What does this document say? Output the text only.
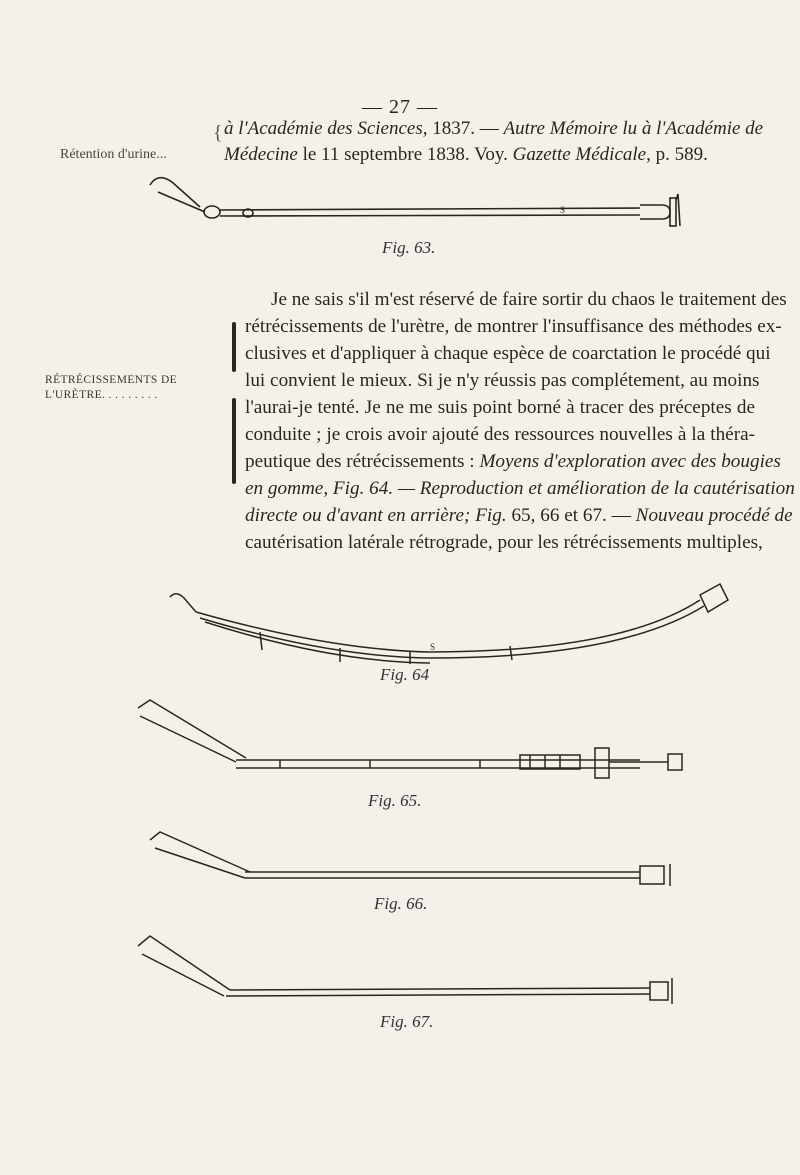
— 27 —
Rétention d'urine...
{ à l'Académie des Sciences, 1837. — Autre Mémoire lu à l'Académie de
Médecine le 11 septembre 1838. Voy. Gazette Médicale, p. 589.
S
Fig. 63.
RÉTRÉCISSEMENTS DE
L'URÈTRE. . . . . . . . .
Je ne sais s'il m'est réservé de faire sortir du chaos le traitement des
rétrécissements de l'urètre, de montrer l'insuffisance des méthodes ex-
clusives et d'appliquer à chaque espèce de coarctation le procédé qui
lui convient le mieux. Si je n'y réussis pas complétement, au moins
l'aurai-je tenté. Je ne me suis point borné à tracer des préceptes de
conduite ; je crois avoir ajouté des ressources nouvelles à la théra-
peutique des rétrécissements : Moyens d'exploration avec des bougies
en gomme, Fig. 64. — Reproduction et amélioration de la cautérisation
directe ou d'avant en arrière; Fig. 65, 66 et 67. — Nouveau procédé de
cautérisation latérale rétrograde, pour les rétrécissements multiples,
S
Fig. 64
Fig. 65.
Fig. 66.
Fig. 67.
